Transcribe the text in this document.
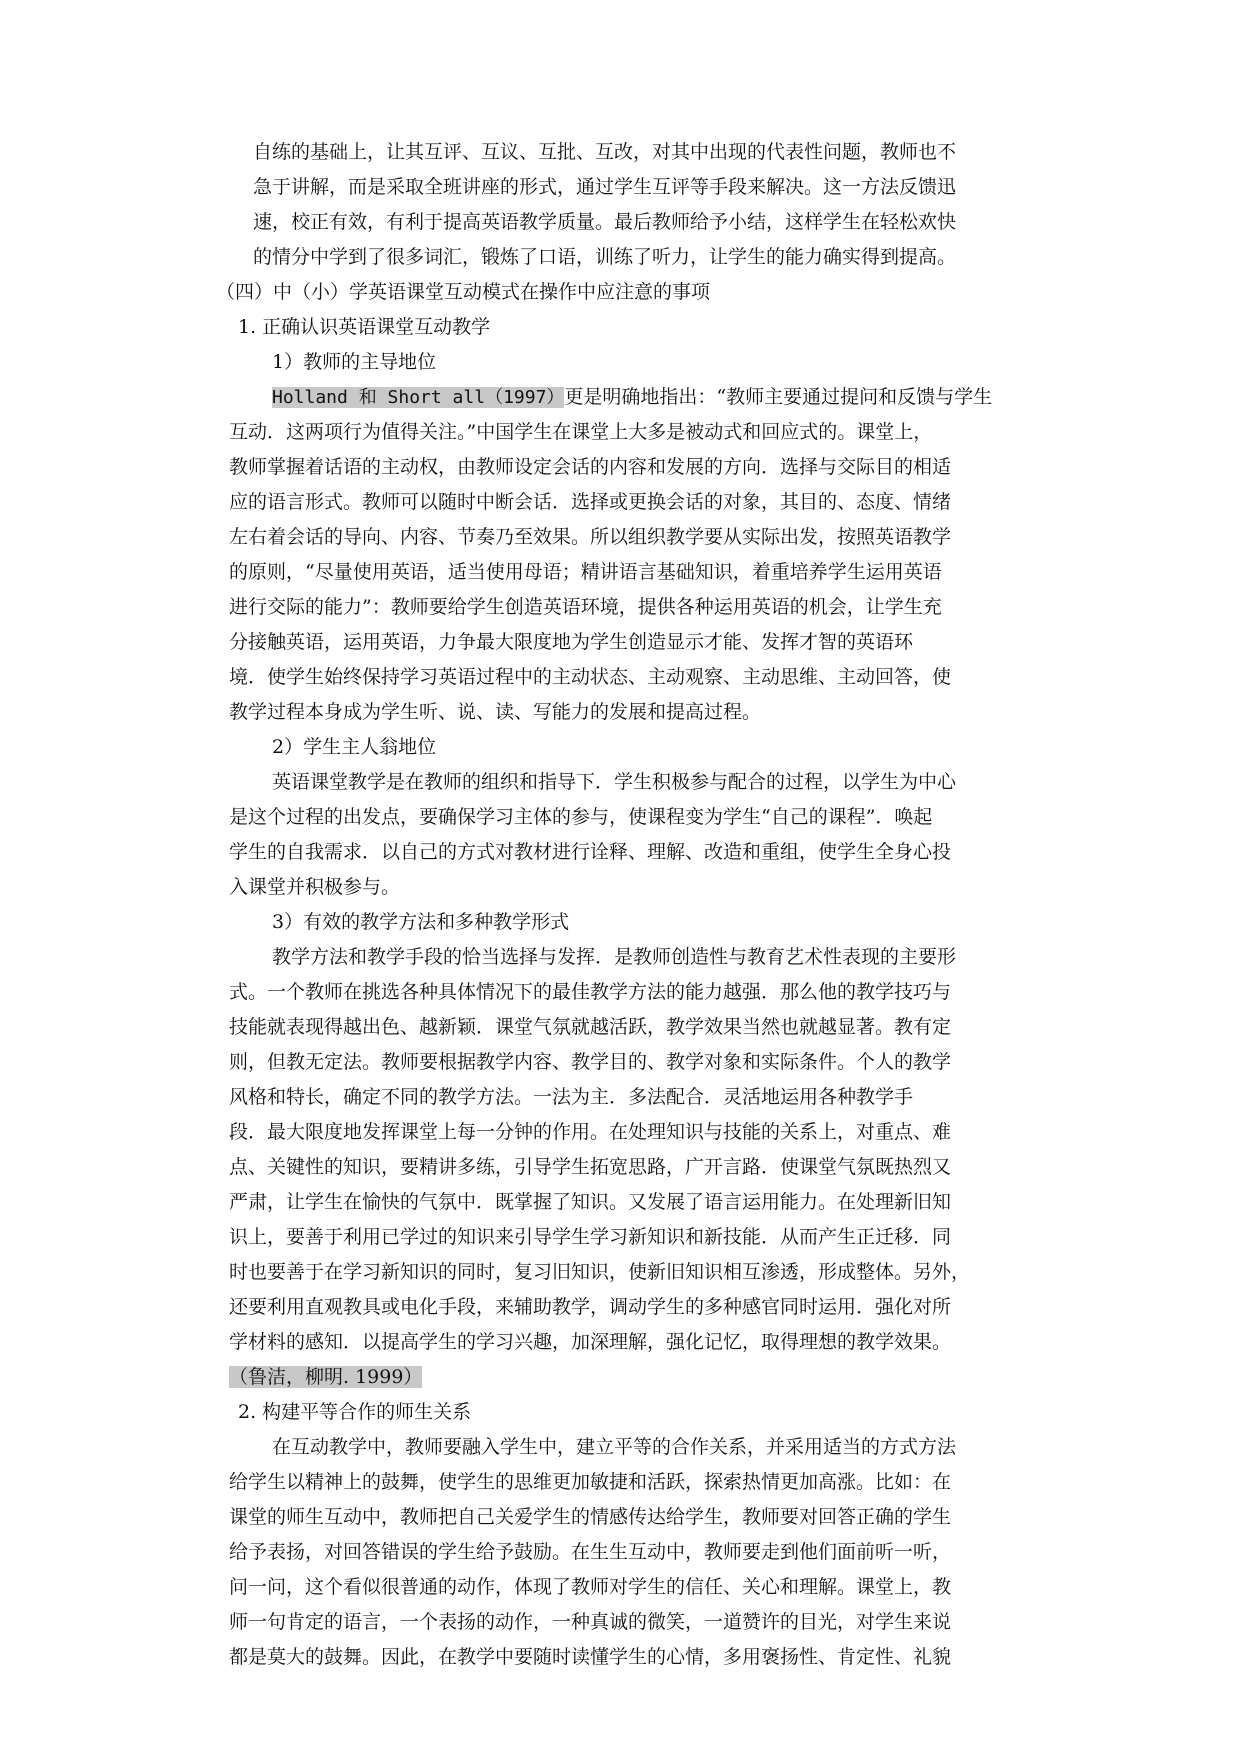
自练的基础上，让其互评、互议、互批、互改，对其中出现的代表性问题，教师也不
急于讲解，而是采取全班讲座的形式，通过学生互评等手段来解决。这一方法反馈迅
速，校正有效，有利于提高英语教学质量。最后教师给予小结，这样学生在轻松欢快
的情分中学到了很多词汇，锻炼了口语，训练了听力，让学生的能力确实得到提高。
（四）中（小）学英语课堂互动模式在操作中应注意的事项
1. 正确认识英语课堂互动教学
1）教师的主导地位
Holland 和 Short all（1997）更是明确地指出：“教师主要通过提问和反馈与学生
互动．这两项行为值得关注。”中国学生在课堂上大多是被动式和回应式的。课堂上，
教师掌握着话语的主动权，由教师设定会话的内容和发展的方向．选择与交际目的相适
应的语言形式。教师可以随时中断会话．选择或更换会话的对象，其目的、态度、情绪
左右着会话的导向、内容、节奏乃至效果。所以组织教学要从实际出发，按照英语教学
的原则，“尽量使用英语，适当使用母语；精讲语言基础知识，着重培养学生运用英语
进行交际的能力”：教师要给学生创造英语环境，提供各种运用英语的机会，让学生充
分接触英语，运用英语，力争最大限度地为学生创造显示才能、发挥才智的英语环
境．使学生始终保持学习英语过程中的主动状态、主动观察、主动思维、主动回答，使
教学过程本身成为学生听、说、读、写能力的发展和提高过程。
2）学生主人翁地位
英语课堂教学是在教师的组织和指导下．学生积极参与配合的过程，以学生为中心
是这个过程的出发点，要确保学习主体的参与，使课程变为学生“自己的课程”．唤起
学生的自我需求．以自己的方式对教材进行诠释、理解、改造和重组，使学生全身心投
入课堂并积极参与。
3）有效的教学方法和多种教学形式
教学方法和教学手段的恰当选择与发挥．是教师创造性与教育艺术性表现的主要形
式。一个教师在挑选各种具体情况下的最佳教学方法的能力越强．那么他的教学技巧与
技能就表现得越出色、越新颖．课堂气氛就越活跃，教学效果当然也就越显著。教有定
则，但教无定法。教师要根据教学内容、教学目的、教学对象和实际条件。个人的教学
风格和特长，确定不同的教学方法。一法为主．多法配合．灵活地运用各种教学手
段．最大限度地发挥课堂上每一分钟的作用。在处理知识与技能的关系上，对重点、难
点、关键性的知识，要精讲多练，引导学生拓宽思路，广开言路．使课堂气氛既热烈又
严肃，让学生在愉快的气氛中．既掌握了知识。又发展了语言运用能力。在处理新旧知
识上，要善于利用已学过的知识来引导学生学习新知识和新技能．从而产生正迁移．同
时也要善于在学习新知识的同时，复习旧知识，使新旧知识相互渗透，形成整体。另外，
还要利用直观教具或电化手段，来辅助教学，调动学生的多种感官同时运用．强化对所
学材料的感知．以提高学生的学习兴趣，加深理解，强化记忆，取得理想的教学效果。
（鲁洁，柳明. 1999）
2. 构建平等合作的师生关系
在互动教学中，教师要融入学生中，建立平等的合作关系，并采用适当的方式方法
给学生以精神上的鼓舞，使学生的思维更加敏捷和活跃，探索热情更加高涨。比如：在
课堂的师生互动中，教师把自己关爱学生的情感传达给学生，教师要对回答正确的学生
给予表扬，对回答错误的学生给予鼓励。在生生互动中，教师要走到他们面前听一听，
问一问，这个看似很普通的动作，体现了教师对学生的信任、关心和理解。课堂上，教
师一句肯定的语言，一个表扬的动作，一种真诚的微笑，一道赞许的目光，对学生来说
都是莫大的鼓舞。因此，在教学中要随时读懂学生的心情，多用褒扬性、肯定性、礼貌
